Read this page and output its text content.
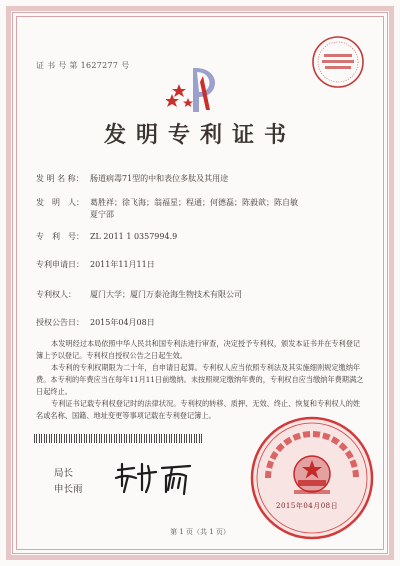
证 书 号 第 1627277 号
发明专利证书
发 明 名 称： 肠道病毒71型的中和表位多肽及其用途
发　明　人： 葛胜祥；徐飞海；翁福星；程通；何德磊；陈毅歆；陈自敏
夏宁邵
专　利　号： ZL 2011 1 0357994.9
专利申请日： 2011年11月11日
专利权人： 厦门大学；厦门万泰沧海生物技术有限公司
授权公告日： 2015年04月08日

本发明经过本局依照中华人民共和国专利法进行审查，决定授予专利权，颁发本证书并在专利登记簿上予以登记。专利权自授权公告之日起生效。

本专利的专利权期限为二十年，自申请日起算。专利权人应当依照专利法及其实施细则规定缴纳年费。本专利的年费应当在每年11月11日前缴纳。未按照规定缴纳年费的，专利权自应当缴纳年费期满之日起终止。

专利证书记载专利权登记时的法律状况。专利权的转移、质押、无效、终止、恢复和专利权人的姓名或名称、国籍、地址变更等事项记载在专利登记簿上。

局长
申长雨
2015年04月08日
第 1 页（共 1 页）
